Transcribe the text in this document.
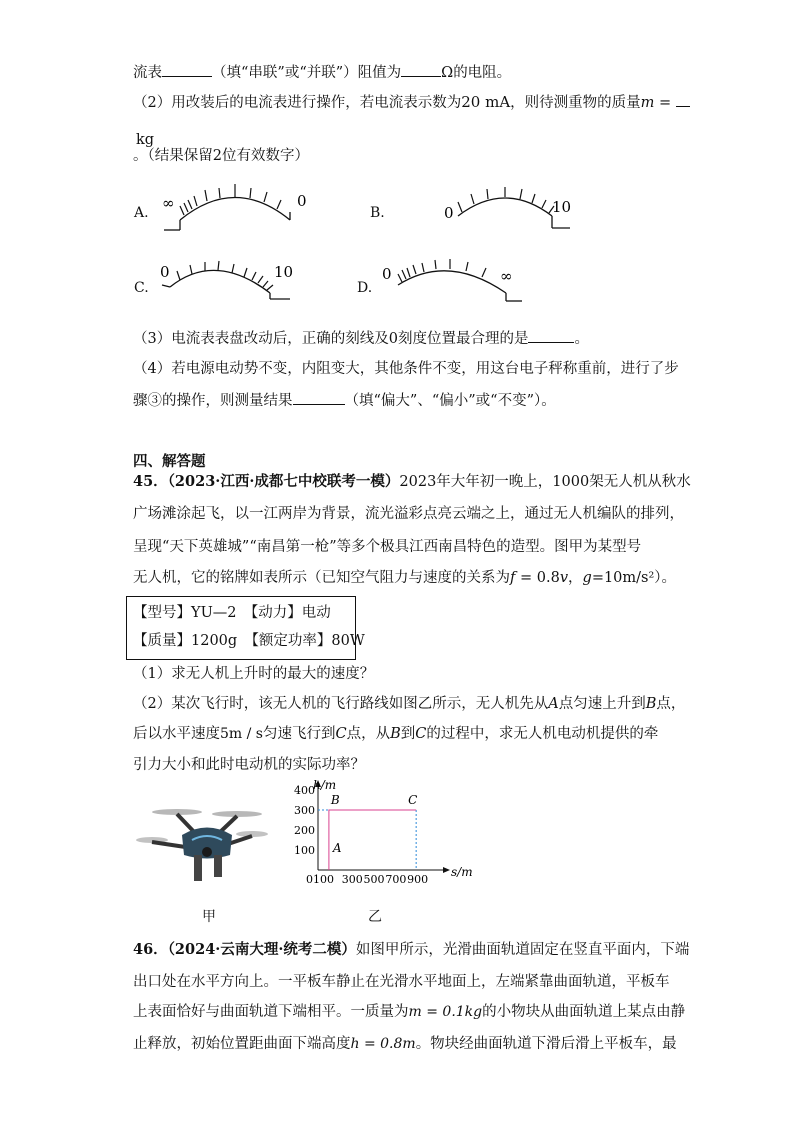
流表	（填“串联”或“并联”）阻值为	Ω的电阻。
（2）用改装后的电流表进行操作，若电流表示数为20 mA，则待测重物的质量m =
kg
。（结果保留2位有效数字）
A.	B.
C.	D.
∞	0
0	10
0	10	0	∞
（3）电流表表盘改动后，正确的刻线及0刻度位置最合理的是	。
（4）若电源电动势不变，内阻变大，其他条件不变，用这台电子秤称重前，进行了步
骤③的操作，则测量结果	（填“偏大”、“偏小”或“不变”）。
四、解答题
45．（2023·江西·成都七中校联考一模）2023年大年初一晚上，1000架无人机从秋水
广场滩涂起飞，以一江两岸为背景，流光溢彩点亮云端之上，通过无人机编队的排列，
呈现“天下英雄城”“南昌第一枪”等多个极具江西南昌特色的造型。图甲为某型号
无人机，它的铭牌如表所示（已知空气阻力与速度的关系为f = 0.8v，g=10m/s²）。
【型号】YU—2　【动力】电动
【质量】1200g　【额定功率】80W
（1）求无人机上升时的最大的速度？
（2）某次飞行时，该无人机的飞行路线如图乙所示，无人机先从A点匀速上升到B点，
后以水平速度5m / s匀速飞行到C点，从B到C的过程中，求无人机电动机提供的牵
引力大小和此时电动机的实际功率？
h/m
s/m
100
200
300
400
0100 300 500 700 900
A
B	C
甲	乙
46．（2024·云南大理·统考二模）如图甲所示，光滑曲面轨道固定在竖直平面内，下端
出口处在水平方向上。一平板车静止在光滑水平地面上，左端紧靠曲面轨道，平板车
上表面恰好与曲面轨道下端相平。一质量为m = 0.1kg的小物块从曲面轨道上某点由静
止释放，初始位置距曲面下端高度h = 0.8m。物块经曲面轨道下滑后滑上平板车，最
